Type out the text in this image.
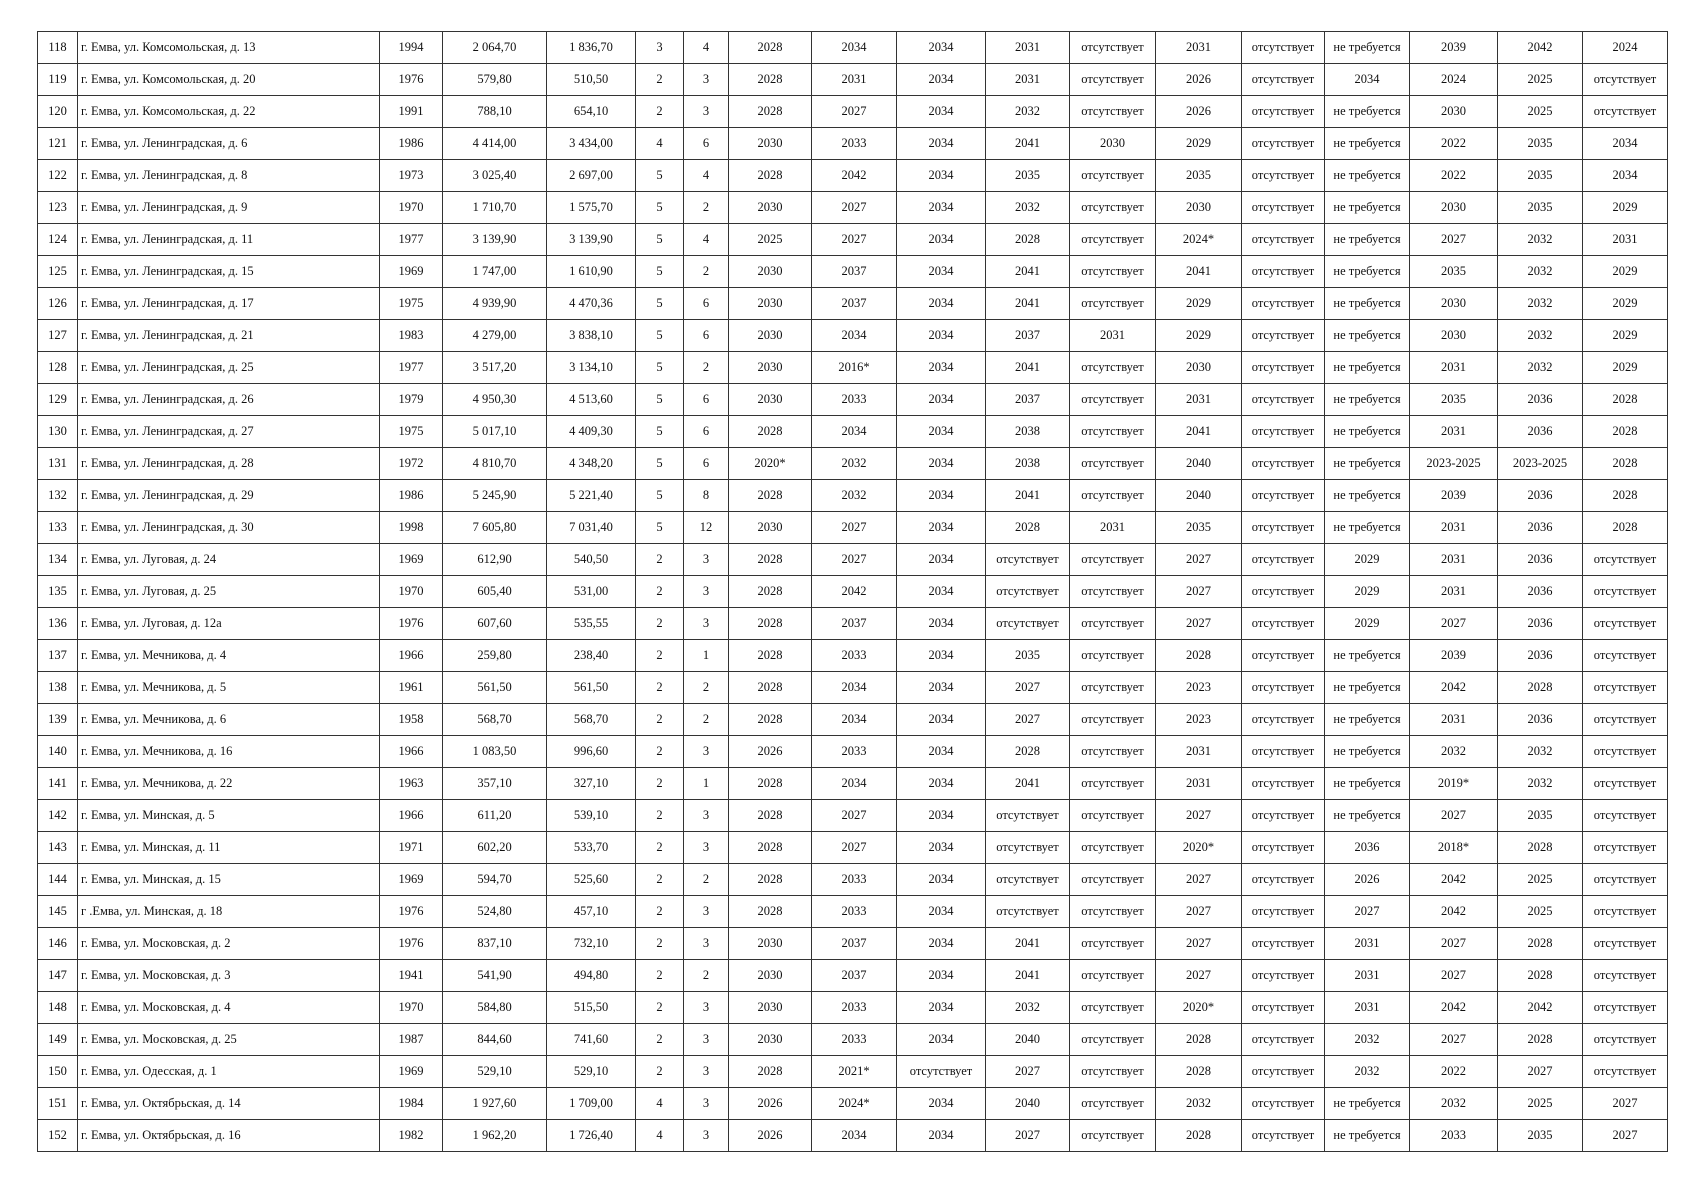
118	г. Емва, ул. Комсомольская, д. 13	1994	2 064,70	1 836,70	3	4	2028	2034	2034	2031	отсутствует	2031	отсутствует	не требуется	2039	2042	2024
119	г. Емва, ул. Комсомольская, д. 20	1976	579,80	510,50	2	3	2028	2031	2034	2031	отсутствует	2026	отсутствует	2034	2024	2025	отсутствует
120	г. Емва, ул. Комсомольская, д. 22	1991	788,10	654,10	2	3	2028	2027	2034	2032	отсутствует	2026	отсутствует	не требуется	2030	2025	отсутствует
121	г. Емва, ул. Ленинградская, д. 6	1986	4 414,00	3 434,00	4	6	2030	2033	2034	2041	2030	2029	отсутствует	не требуется	2022	2035	2034
122	г. Емва, ул. Ленинградская, д. 8	1973	3 025,40	2 697,00	5	4	2028	2042	2034	2035	отсутствует	2035	отсутствует	не требуется	2022	2035	2034
123	г. Емва, ул. Ленинградская, д. 9	1970	1 710,70	1 575,70	5	2	2030	2027	2034	2032	отсутствует	2030	отсутствует	не требуется	2030	2035	2029
124	г. Емва, ул. Ленинградская, д. 11	1977	3 139,90	3 139,90	5	4	2025	2027	2034	2028	отсутствует	2024*	отсутствует	не требуется	2027	2032	2031
125	г. Емва, ул. Ленинградская, д. 15	1969	1 747,00	1 610,90	5	2	2030	2037	2034	2041	отсутствует	2041	отсутствует	не требуется	2035	2032	2029
126	г. Емва, ул. Ленинградская, д. 17	1975	4 939,90	4 470,36	5	6	2030	2037	2034	2041	отсутствует	2029	отсутствует	не требуется	2030	2032	2029
127	г. Емва, ул. Ленинградская, д. 21	1983	4 279,00	3 838,10	5	6	2030	2034	2034	2037	2031	2029	отсутствует	не требуется	2030	2032	2029
128	г. Емва, ул. Ленинградская, д. 25	1977	3 517,20	3 134,10	5	2	2030	2016*	2034	2041	отсутствует	2030	отсутствует	не требуется	2031	2032	2029
129	г. Емва, ул. Ленинградская, д. 26	1979	4 950,30	4 513,60	5	6	2030	2033	2034	2037	отсутствует	2031	отсутствует	не требуется	2035	2036	2028
130	г. Емва, ул. Ленинградская, д. 27	1975	5 017,10	4 409,30	5	6	2028	2034	2034	2038	отсутствует	2041	отсутствует	не требуется	2031	2036	2028
131	г. Емва, ул. Ленинградская, д. 28	1972	4 810,70	4 348,20	5	6	2020*	2032	2034	2038	отсутствует	2040	отсутствует	не требуется	2023-2025	2023-2025	2028
132	г. Емва, ул. Ленинградская, д. 29	1986	5 245,90	5 221,40	5	8	2028	2032	2034	2041	отсутствует	2040	отсутствует	не требуется	2039	2036	2028
133	г. Емва, ул. Ленинградская, д. 30	1998	7 605,80	7 031,40	5	12	2030	2027	2034	2028	2031	2035	отсутствует	не требуется	2031	2036	2028
134	г. Емва, ул. Луговая, д. 24	1969	612,90	540,50	2	3	2028	2027	2034	отсутствует	отсутствует	2027	отсутствует	2029	2031	2036	отсутствует
135	г. Емва, ул. Луговая, д. 25	1970	605,40	531,00	2	3	2028	2042	2034	отсутствует	отсутствует	2027	отсутствует	2029	2031	2036	отсутствует
136	г. Емва, ул. Луговая, д. 12а	1976	607,60	535,55	2	3	2028	2037	2034	отсутствует	отсутствует	2027	отсутствует	2029	2027	2036	отсутствует
137	г. Емва, ул. Мечникова, д. 4	1966	259,80	238,40	2	1	2028	2033	2034	2035	отсутствует	2028	отсутствует	не требуется	2039	2036	отсутствует
138	г. Емва, ул. Мечникова, д. 5	1961	561,50	561,50	2	2	2028	2034	2034	2027	отсутствует	2023	отсутствует	не требуется	2042	2028	отсутствует
139	г. Емва, ул. Мечникова, д. 6	1958	568,70	568,70	2	2	2028	2034	2034	2027	отсутствует	2023	отсутствует	не требуется	2031	2036	отсутствует
140	г. Емва, ул. Мечникова, д. 16	1966	1 083,50	996,60	2	3	2026	2033	2034	2028	отсутствует	2031	отсутствует	не требуется	2032	2032	отсутствует
141	г. Емва, ул. Мечникова, д. 22	1963	357,10	327,10	2	1	2028	2034	2034	2041	отсутствует	2031	отсутствует	не требуется	2019*	2032	отсутствует
142	г. Емва, ул. Минская, д. 5	1966	611,20	539,10	2	3	2028	2027	2034	отсутствует	отсутствует	2027	отсутствует	не требуется	2027	2035	отсутствует
143	г. Емва, ул. Минская, д. 11	1971	602,20	533,70	2	3	2028	2027	2034	отсутствует	отсутствует	2020*	отсутствует	2036	2018*	2028	отсутствует
144	г. Емва, ул. Минская, д. 15	1969	594,70	525,60	2	2	2028	2033	2034	отсутствует	отсутствует	2027	отсутствует	2026	2042	2025	отсутствует
145	г .Емва, ул. Минская, д. 18	1976	524,80	457,10	2	3	2028	2033	2034	отсутствует	отсутствует	2027	отсутствует	2027	2042	2025	отсутствует
146	г. Емва, ул. Московская, д. 2	1976	837,10	732,10	2	3	2030	2037	2034	2041	отсутствует	2027	отсутствует	2031	2027	2028	отсутствует
147	г. Емва, ул. Московская, д. 3	1941	541,90	494,80	2	2	2030	2037	2034	2041	отсутствует	2027	отсутствует	2031	2027	2028	отсутствует
148	г. Емва, ул. Московская, д. 4	1970	584,80	515,50	2	3	2030	2033	2034	2032	отсутствует	2020*	отсутствует	2031	2042	2042	отсутствует
149	г. Емва, ул. Московская, д. 25	1987	844,60	741,60	2	3	2030	2033	2034	2040	отсутствует	2028	отсутствует	2032	2027	2028	отсутствует
150	г. Емва, ул. Одесская, д. 1	1969	529,10	529,10	2	3	2028	2021*	отсутствует	2027	отсутствует	2028	отсутствует	2032	2022	2027	отсутствует
151	г. Емва, ул. Октябрьская, д. 14	1984	1 927,60	1 709,00	4	3	2026	2024*	2034	2040	отсутствует	2032	отсутствует	не требуется	2032	2025	2027
152	г. Емва, ул. Октябрьская, д. 16	1982	1 962,20	1 726,40	4	3	2026	2034	2034	2027	отсутствует	2028	отсутствует	не требуется	2033	2035	2027
